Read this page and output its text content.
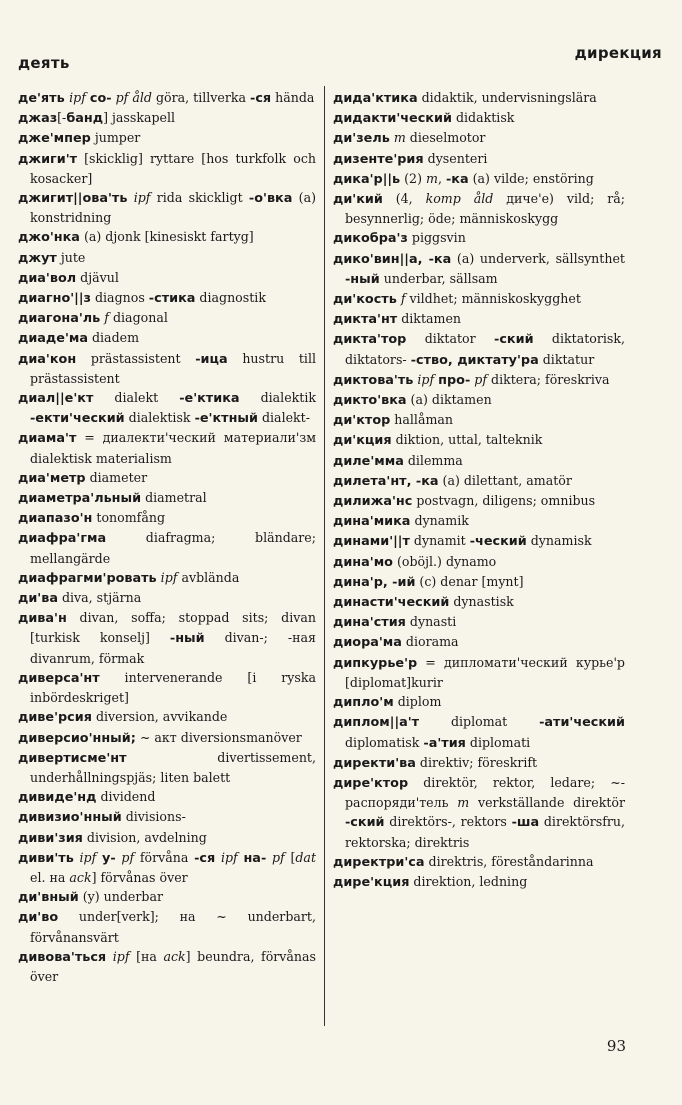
деять
дирекция

де'ять ipf со- pf åld göra, tillverka -ся hända

джаз[-банд] jasskapell

дже'мпер jumper

джиги'т [skicklig] ryttare [hos turkfolk och kosacker]

джигит||ова'ть ipf rida skickligt -о'вка (a) konstridning

джо'нка (a) djonk [kinesiskt fartyg]

джут jute

диа'вол djävul

диагно'||з diagnos -стика diagnostik

диагона'ль f diagonal

диаде'ма diadem

диа'кон prästassistent -ица hustru till prästassistent

диал||е'кт dialekt -е'ктика dialektik -екти'ческий dialektisk -е'ктный dialekt-

диама'т = диалекти'ческий материали'зм dialektisk materialism

диа'метр diameter

диаметра'льный diametral

диапазо'н tonomfång

диафра'гма diafragma; bländare; mellangärde

диафрагми'ровать ipf avbländа

ди'ва diva, stjärna

дива'н divan, soffa; stoppad sits; divan [turkisk konselj] -ный divan-; -ная divanrum, förmak

диверса'нт intervenerande [i ryska inbördeskriget]

диве'рсия diversion, avvikande

диверсио'нный; ~ акт diversionsmanöver

дивертисме'нт divertissement, underhållningspjäs; liten balett

дивиде'нд dividend

дивизио'нный divisions-

диви'зия division, avdelning

диви'ть ipf у- pf förvåna -ся ipf на- pf [dat el. на ack] förvånas över

ди'вный (y) underbar

ди'во under[verk]; на ~ underbart, förvånansvärt

дивова'ться ipf [на ack] beundra, förvånas över

дида'ктика didaktik, undervisningslära

дидакти'ческий didaktisk

ди'зель m dieselmotor

дизенте'рия dysenteri

дика'р||ь (2) m, -ка (a) vilde; enstöring

ди'кий (4, komp åld диче'е) vild; rå; besynnerlig; öde; människoskygg

дикобра'з piggsvin

дико'вин||а, -ка (a) underverk, sällsynthet -ный underbar, sällsam

ди'кость f vildhet; människoskygghet

дикта'нт diktamen

дикта'тор diktator -ский diktatorisk, diktators- -ство, диктату'ра diktatur

диктова'ть ipf про- pf diktera; föreskriva

дикто'вка (a) diktamen

ди'ктор hallåman

ди'кция diktion, uttal, talteknik

диле'мма dilemma

дилета'нт, -ка (a) dilettant, amatör

дилижа'нс postvagn, diligens; omnibus

дина'мика dynamik

динами'||т dynamit -ческий dynamisk

дина'мо (oböjl.) dynamo

дина'р, -ий (c) denar [mynt]

династи'ческий dynastisk

дина'стия dynasti

диора'ма diorama

дипкурье'р = дипломати'ческий курье'р [diplomat]kurir

дипло'м diplom

диплом||а'т diplomat -ати'ческий diplomatisk -а'тия diplomati

директи'ва direktiv; föreskrift

дире'ктор direktör, rektor, ledare; ~-распоряди'тель m verkställande direktör -ский direktörs-, rektors -ша direktörsfru, rektorska; direktris

директри'са direktris, föreståndarinna

дире'кция direktion, ledning

93
